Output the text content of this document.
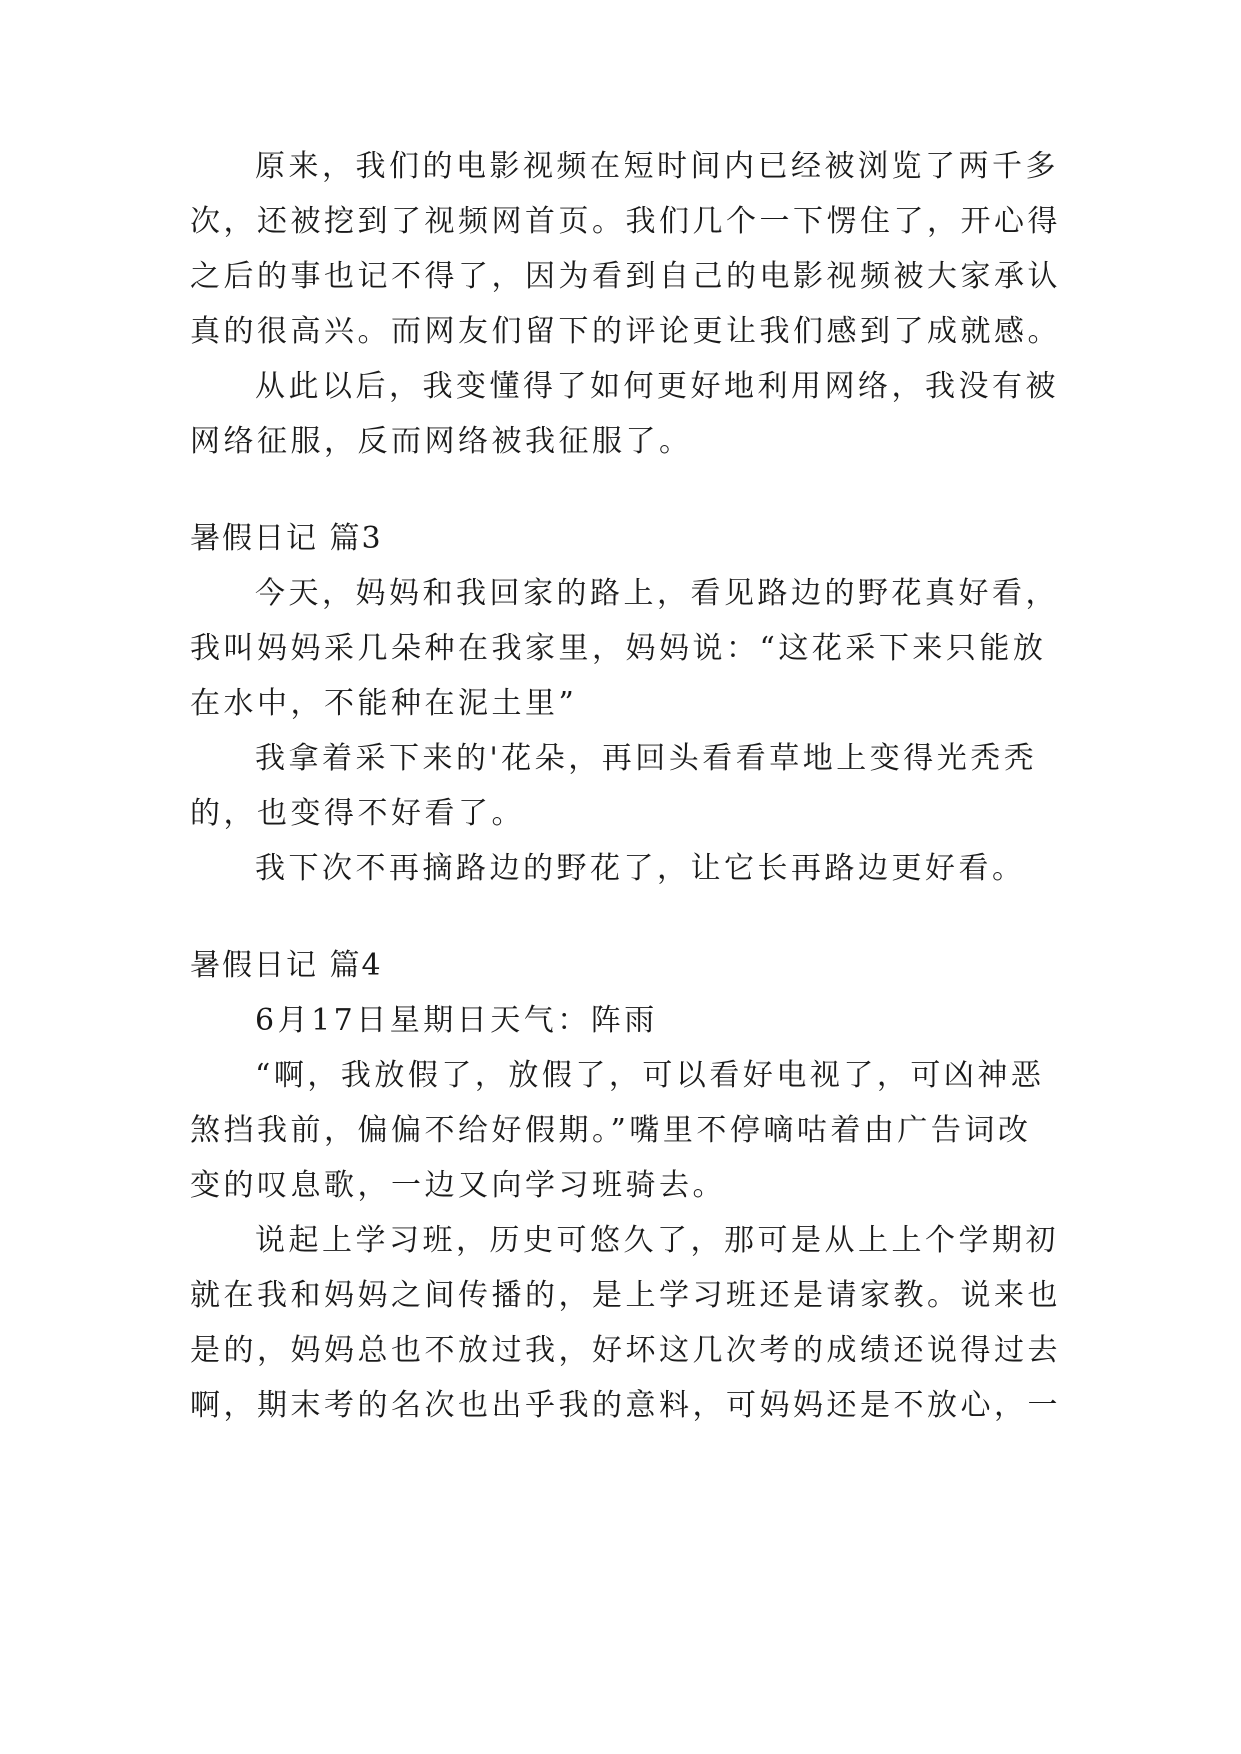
原来，我们的电影视频在短时间内已经被浏览了两千多
次，还被挖到了视频网首页。我们几个一下愣住了，开心得
之后的事也记不得了，因为看到自己的电影视频被大家承认
真的很高兴。而网友们留下的评论更让我们感到了成就感。
从此以后，我变懂得了如何更好地利用网络，我没有被
网络征服，反而网络被我征服了。
暑假日记 篇3
今天，妈妈和我回家的路上，看见路边的野花真好看，
我叫妈妈采几朵种在我家里，妈妈说：“这花采下来只能放
在水中，不能种在泥土里”
我拿着采下来的'花朵，再回头看看草地上变得光秃秃
的，也变得不好看了。
我下次不再摘路边的野花了，让它长再路边更好看。
暑假日记 篇4
6月17日星期日天气：阵雨
“啊，我放假了，放假了，可以看好电视了，可凶神恶
煞挡我前，偏偏不给好假期。”嘴里不停嘀咕着由广告词改
变的叹息歌，一边又向学习班骑去。
说起上学习班，历史可悠久了，那可是从上上个学期初
就在我和妈妈之间传播的，是上学习班还是请家教。说来也
是的，妈妈总也不放过我，好坏这几次考的成绩还说得过去
啊，期末考的名次也出乎我的意料，可妈妈还是不放心，一
